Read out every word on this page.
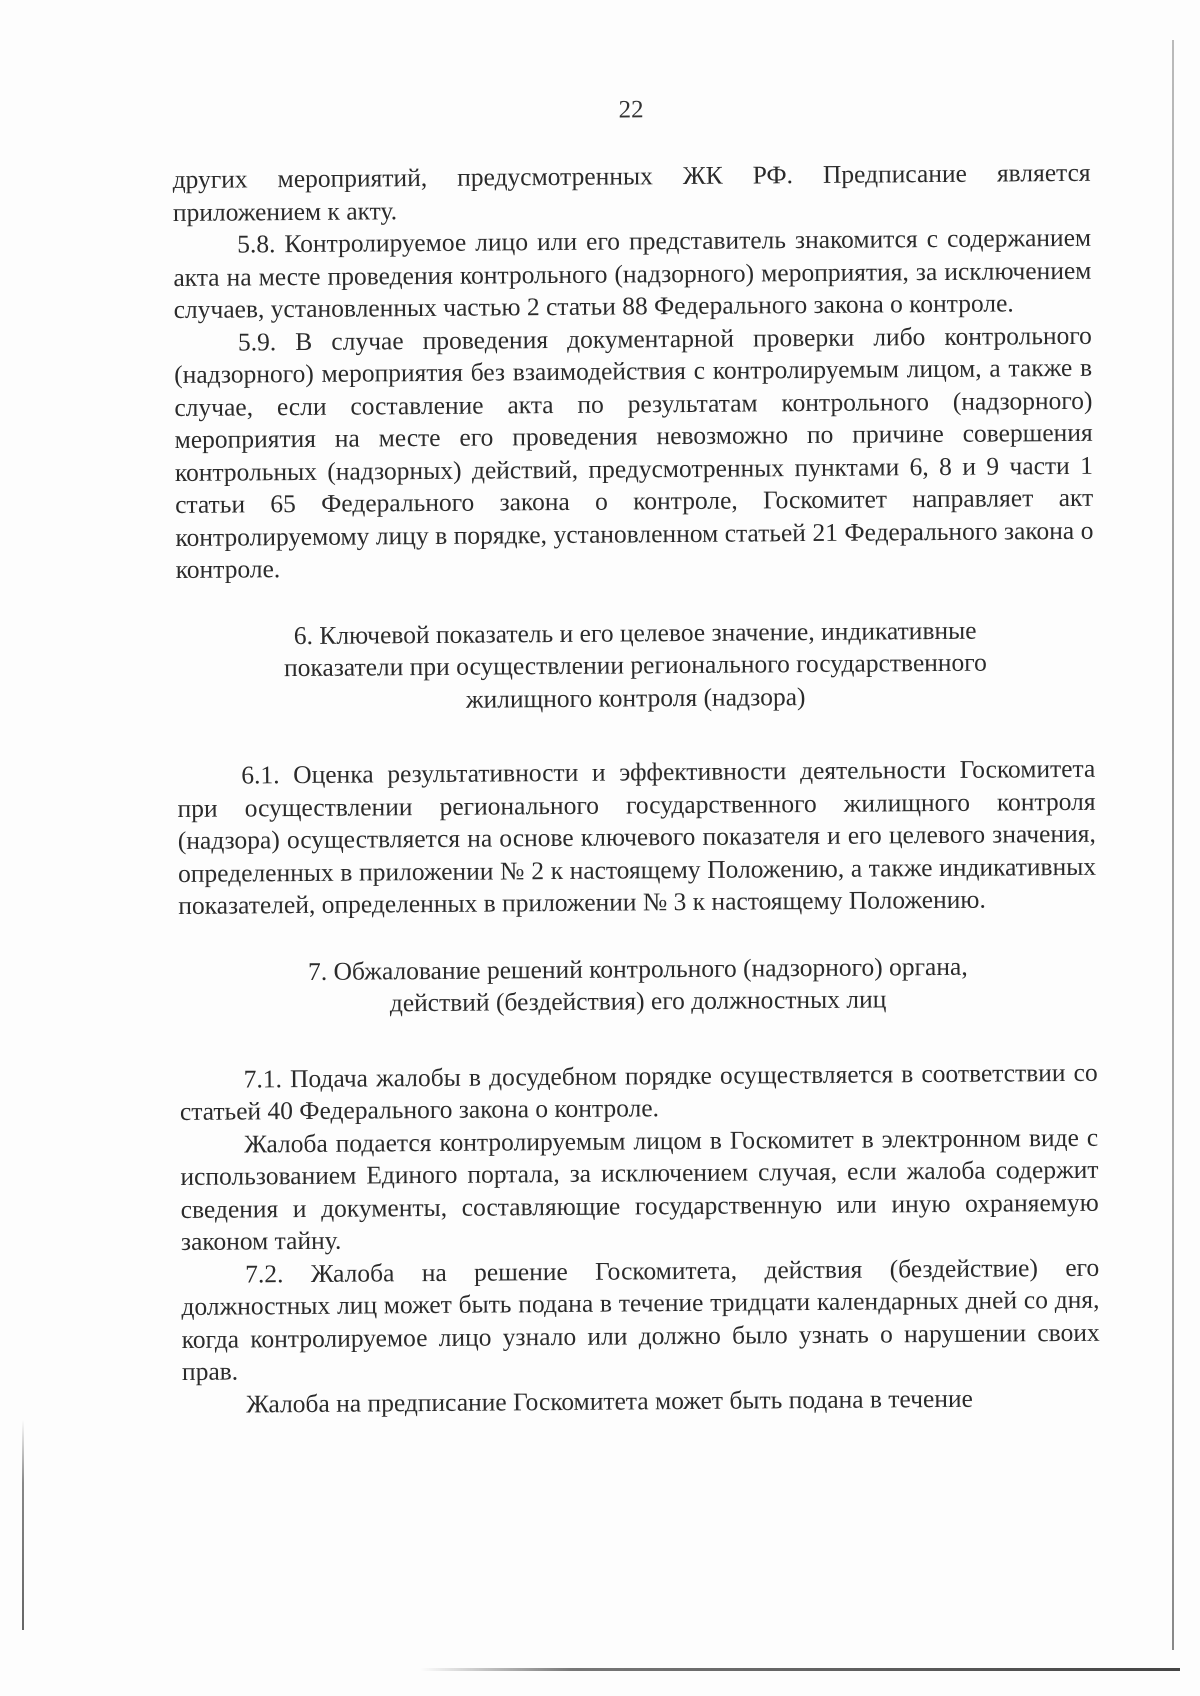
22

других мероприятий, предусмотренных ЖК РФ. Предписание является приложением к акту.

5.8. Контролируемое лицо или его представитель знакомится с содержанием акта на месте проведения контрольного (надзорного) мероприятия, за исключением случаев, установленных частью 2 статьи 88 Федерального закона о контроле.

5.9. В случае проведения документарной проверки либо контрольного (надзорного) мероприятия без взаимодействия с контролируемым лицом, а также в случае, если составление акта по результатам контрольного (надзорного) мероприятия на месте его проведения невозможно по причине совершения контрольных (надзорных) действий, предусмотренных пунктами 6, 8 и 9 части 1 статьи 65 Федерального закона о контроле, Госкомитет направляет акт контролируемому лицу в порядке, установленном статьей 21 Федерального закона о контроле.

6. Ключевой показатель и его целевое значение, индикативные
показатели при осуществлении регионального государственного
жилищного контроля (надзора)

6.1. Оценка результативности и эффективности деятельности Госкомитета при осуществлении регионального государственного жилищного контроля (надзора) осуществляется на основе ключевого показателя и его целевого значения, определенных в приложении № 2 к настоящему Положению, а также индикативных показателей, определенных в приложении № 3 к настоящему Положению.

7. Обжалование решений контрольного (надзорного) органа,
действий (бездействия) его должностных лиц

7.1. Подача жалобы в досудебном порядке осуществляется в соответствии со статьей 40 Федерального закона о контроле.

Жалоба подается контролируемым лицом в Госкомитет в электронном виде с использованием Единого портала, за исключением случая, если жалоба содержит сведения и документы, составляющие государственную или иную охраняемую законом тайну.

7.2. Жалоба на решение Госкомитета, действия (бездействие) его должностных лиц может быть подана в течение тридцати календарных дней со дня, когда контролируемое лицо узнало или должно было узнать о нарушении своих прав.

Жалоба на предписание Госкомитета может быть подана в течение
